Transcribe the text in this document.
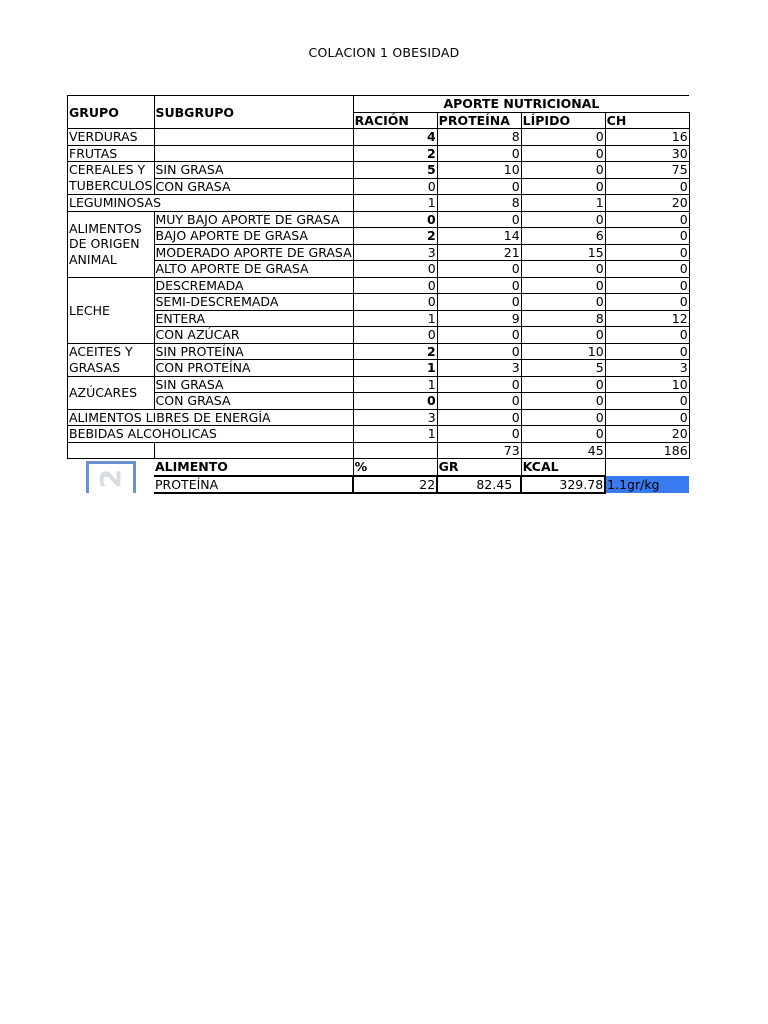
COLACION 1 OBESIDAD
GRUPO	SUBGRUPO	APORTE NUTRICIONAL			
		RACIÓN	PROTEÍNA	LÍPIDO	CH
VERDURAS		4	8	0	16
FRUTAS		2	0	0	30
CEREALES Y TUBERCULOS	SIN GRASA	5	10	0	75
	CON GRASA	0	0	0	0
LEGUMINOSAS		1	8	1	20
ALIMENTOS DE ORIGEN ANIMAL	MUY BAJO APORTE DE GRASA	0	0	0	0
	BAJO APORTE DE GRASA	2	14	6	0
	MODERADO APORTE DE GRASA	3	21	15	0
	ALTO APORTE DE GRASA	0	0	0	0
LECHE	DESCREMADA	0	0	0	0
	SEMI-DESCREMADA	0	0	0	0
	ENTERA	1	9	8	12
	CON AZÚCAR	0	0	0	0
ACEITES Y GRASAS	SIN PROTEÍNA	2	0	10	0
	CON PROTEÍNA	1	3	5	3
AZÚCARES	SIN GRASA	1	0	0	10
	CON GRASA	0	0	0	0
ALIMENTOS LIBRES DE ENERGÍA		3	0	0	0
BEBIDAS ALCOHOLICAS		1	0	0	20
			73	45	186
	ALIMENTO	%	GR	KCAL	
	PROTEÍNA	22	82.45	329.78	1.1gr/kg
2
